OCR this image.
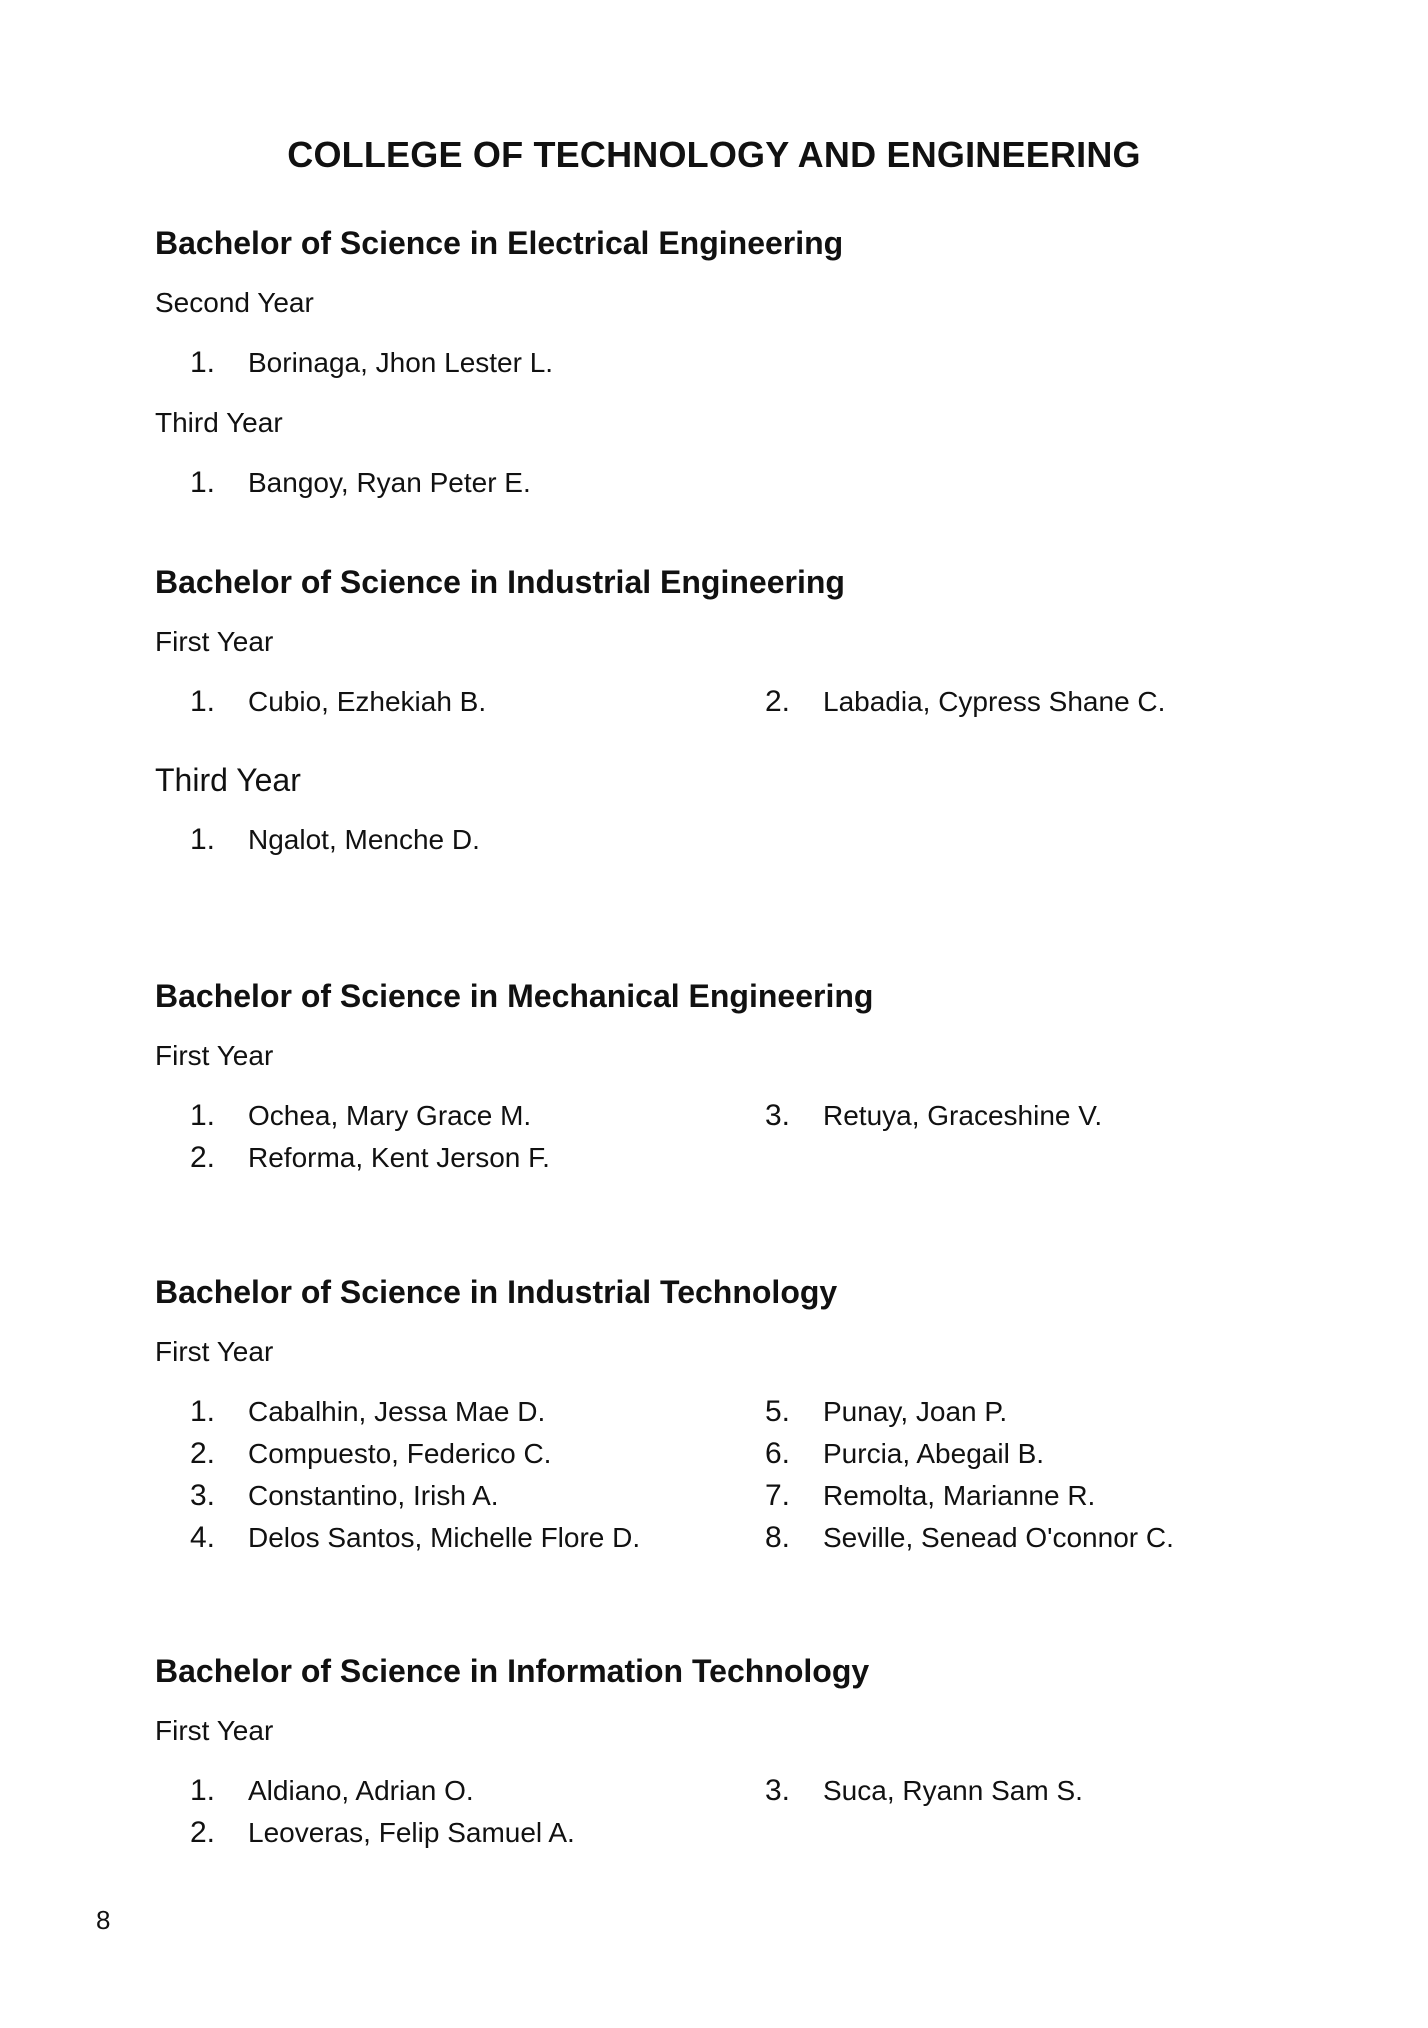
COLLEGE OF TECHNOLOGY AND ENGINEERING
Bachelor of Science in Electrical Engineering
Second Year
1. Borinaga, Jhon Lester L.
Third Year
1. Bangoy, Ryan Peter E.
Bachelor of Science in Industrial Engineering
First Year
1. Cubio, Ezhekiah B.	2. Labadia, Cypress Shane C.
Third Year
1. Ngalot, Menche D.
Bachelor of Science in Mechanical Engineering
First Year
1. Ochea, Mary Grace M.
2. Reforma, Kent Jerson F.
3. Retuya, Graceshine V.
Bachelor of Science in Industrial Technology
First Year
1. Cabalhin, Jessa Mae D.
2. Compuesto, Federico C.
3. Constantino, Irish A.
4. Delos Santos, Michelle Flore D.
5. Punay, Joan P.
6. Purcia, Abegail B.
7. Remolta, Marianne R.
8. Seville, Senead O'connor C.
Bachelor of Science in Information Technology
First Year
1. Aldiano, Adrian O.
2. Leoveras, Felip Samuel A.
3. Suca, Ryann Sam S.
8
